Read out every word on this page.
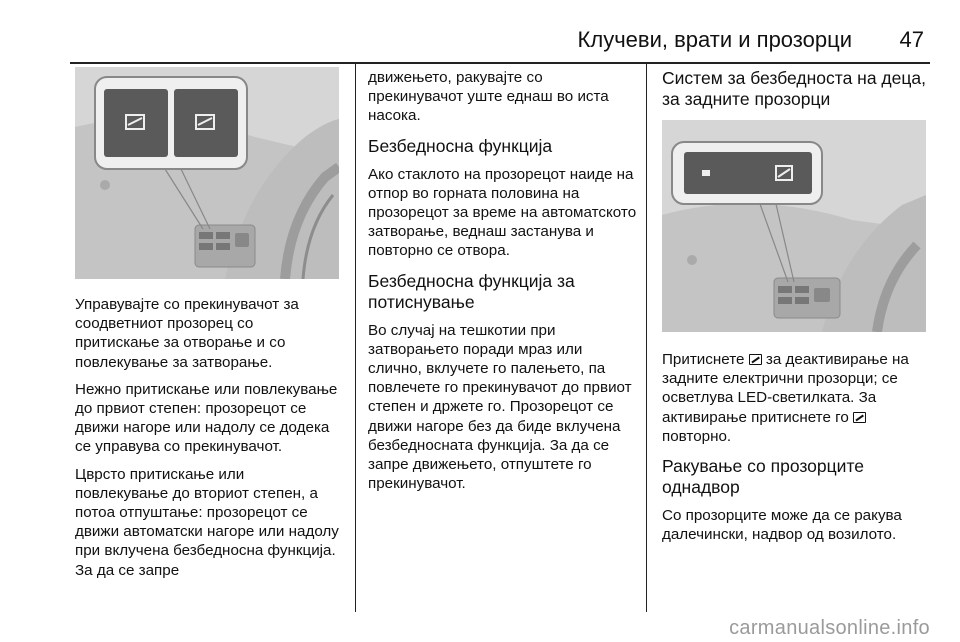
Клучеви, врати и прозорци 47

Управувајте со прекинувачот за соодветниот прозорец со притискање за отворање и со повлекување за затворање.

Нежно притискање или повлекување до првиот степен: прозорецот се движи нагоре или надолу се додека се управува со прекинувачот.

Цврсто притискање или повлекување до вториот степен, а потоа отпуштање: прозорецот се движи автоматски нагоре или надолу при вклучена безбедносна функција. За да се запре

движењето, ракувајте со прекинувачот уште еднаш во иста насока.

Безбедносна функција

Ако стаклото на прозорецот наиде на отпор во горната половина на прозорецот за време на автоматското затворање, веднаш застанува и повторно се отвора.

Безбедносна функција за потиснување

Во случај на тешкотии при затворањето поради мраз или слично, вклучете го палењето, па повлечете го прекинувачот до првиот степен и држете го. Прозорецот се движи нагоре без да биде вклучена безбедносната функција. За да се запре движењето, отпуштете го прекинувачот.

Систем за безбедноста на деца, за задните прозорци

Притиснете за деактивирање на задните електрични прозорци; се осветлува LED-светилката. За активирање притиснете го  повторно.

Ракување со прозорците однадвор

Со прозорците може да се ракува далечински, надвор од возилото.

carmanualsonline.info
